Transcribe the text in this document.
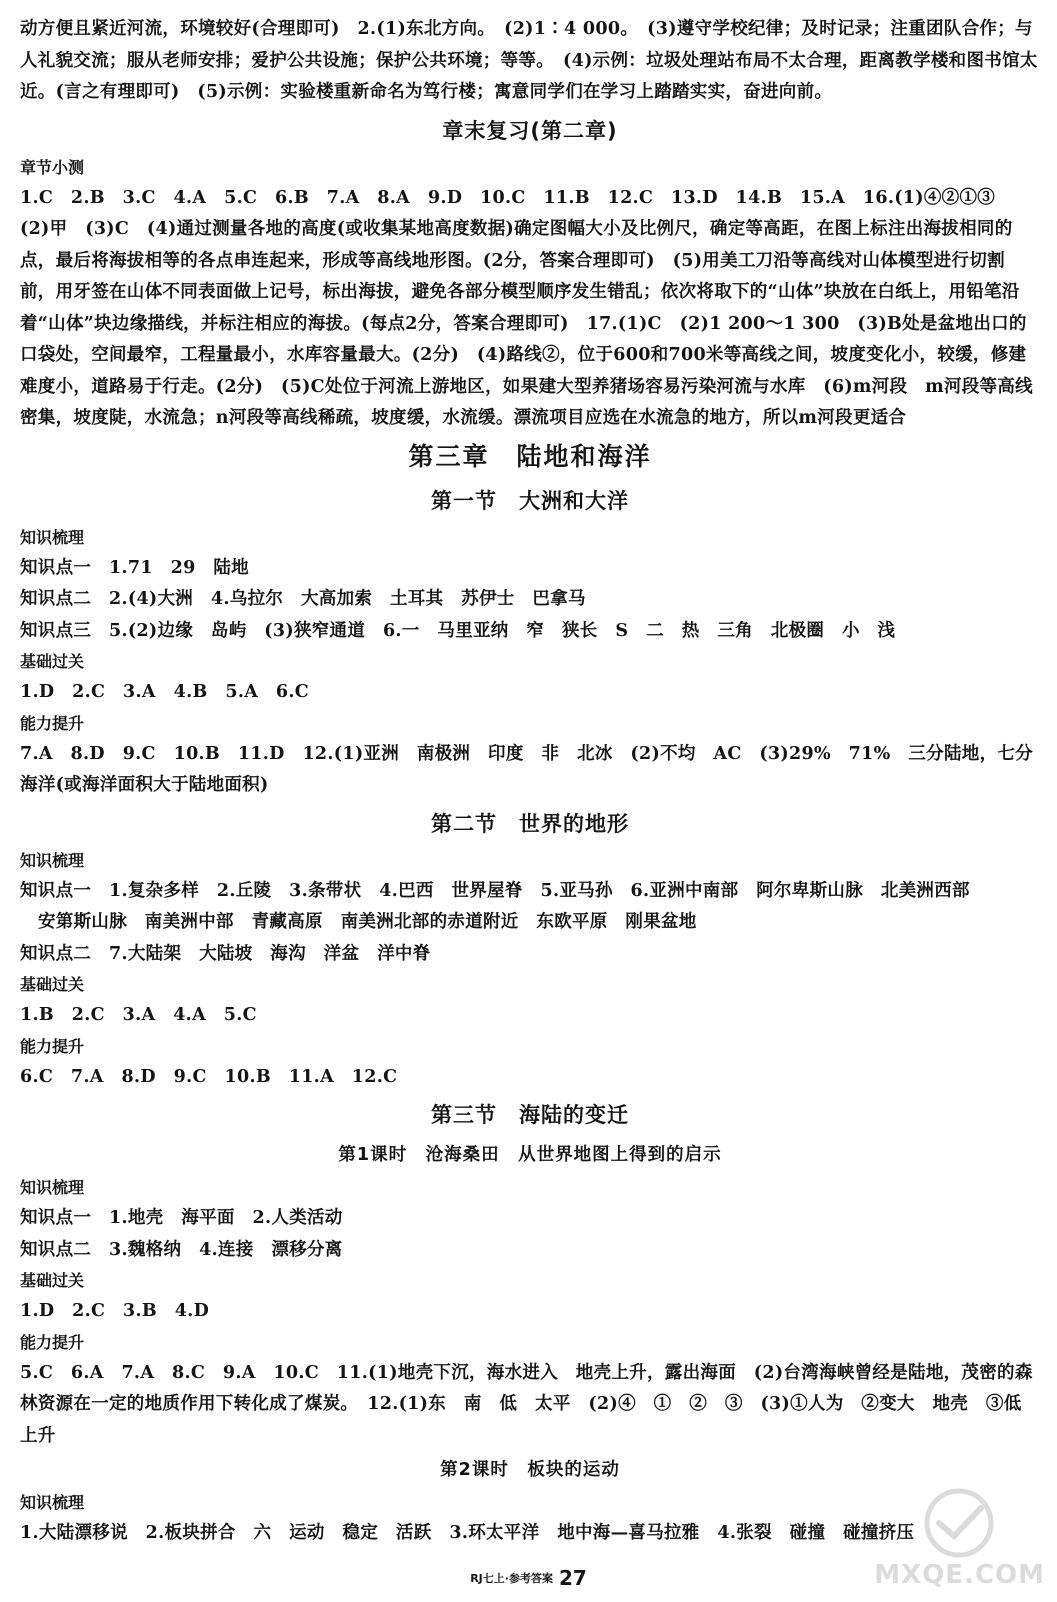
动方便且紧近河流，环境较好(合理即可)　2.(1)东北方向。　(2)1∶4 000。　(3)遵守学校纪律；及时记录；注重团队合作；与人礼貌交流；服从老师安排；爱护公共设施；保护公共环境；等等。　(4)示例：垃圾处理站布局不太合理，距离教学楼和图书馆太近。(言之有理即可)　(5)示例：实验楼重新命名为笃行楼；寓意同学们在学习上踏踏实实，奋进向前。
章末复习(第二章)
章节小测
1.C　2.B　3.C　4.A　5.C　6.B　7.A　8.A　9.D　10.C　11.B　12.C　13.D　14.B　15.A　16.(1)④②①③　(2)甲　(3)C　(4)通过测量各地的高度(或收集某地高度数据)确定图幅大小及比例尺，确定等高距，在图上标注出海拔相同的点，最后将海拔相等的各点串连起来，形成等高线地形图。(2分，答案合理即可)　(5)用美工刀沿等高线对山体模型进行切割前，用牙签在山体不同表面做上记号，标出海拔，避免各部分模型顺序发生错乱；依次将取下的“山体”块放在白纸上，用铅笔沿着“山体”块边缘描线，并标注相应的海拔。(每点2分，答案合理即可)　17.(1)C　(2)1 200～1 300　(3)B处是盆地出口的口袋处，空间最窄，工程量最小，水库容量最大。(2分)　(4)路线②，位于600和700米等高线之间，坡度变化小，较缓，修建难度小，道路易于行走。(2分)　(5)C处位于河流上游地区，如果建大型养猪场容易污染河流与水库　(6)m河段　m河段等高线密集，坡度陡，水流急；n河段等高线稀疏，坡度缓，水流缓。漂流项目应选在水流急的地方，所以m河段更适合
第三章　陆地和海洋
第一节　大洲和大洋
知识梳理
知识点一　1.71　29　陆地
知识点二　2.(4)大洲　4.乌拉尔　大高加索　土耳其　苏伊士　巴拿马
知识点三　5.(2)边缘　岛屿　(3)狭窄通道　6.一　马里亚纳　窄　狭长　S　二　热　三角　北极圈　小　浅
基础过关
1.D　2.C　3.A　4.B　5.A　6.C
能力提升
7.A　8.D　9.C　10.B　11.D　12.(1)亚洲　南极洲　印度　非　北冰　(2)不均　AC　(3)29%　71%　三分陆地，七分海洋(或海洋面积大于陆地面积)
第二节　世界的地形
知识梳理
知识点一　1.复杂多样　2.丘陵　3.条带状　4.巴西　世界屋脊　5.亚马孙　6.亚洲中南部　阿尔卑斯山脉　北美洲西部
安第斯山脉　南美洲中部　青藏高原　南美洲北部的赤道附近　东欧平原　刚果盆地
知识点二　7.大陆架　大陆坡　海沟　洋盆　洋中脊
基础过关
1.B　2.C　3.A　4.A　5.C
能力提升
6.C　7.A　8.D　9.C　10.B　11.A　12.C
第三节　海陆的变迁
第1课时　沧海桑田　从世界地图上得到的启示
知识梳理
知识点一　1.地壳　海平面　2.人类活动
知识点二　3.魏格纳　4.连接　漂移分离
基础过关
1.D　2.C　3.B　4.D
能力提升
5.C　6.A　7.A　8.C　9.A　10.C　11.(1)地壳下沉，海水进入　地壳上升，露出海面　(2)台湾海峡曾经是陆地，茂密的森林资源在一定的地质作用下转化成了煤炭。　12.(1)东　南　低　太平　(2)④　①　②　③　(3)①人为　②变大　地壳　③低　上升
第2课时　板块的运动
知识梳理
1.大陆漂移说　2.板块拼合　六　运动　稳定　活跃　3.环太平洋　地中海—喜马拉雅　4.张裂　碰撞　碰撞挤压
RJ七上·参考答案 27	MXQE.COM
